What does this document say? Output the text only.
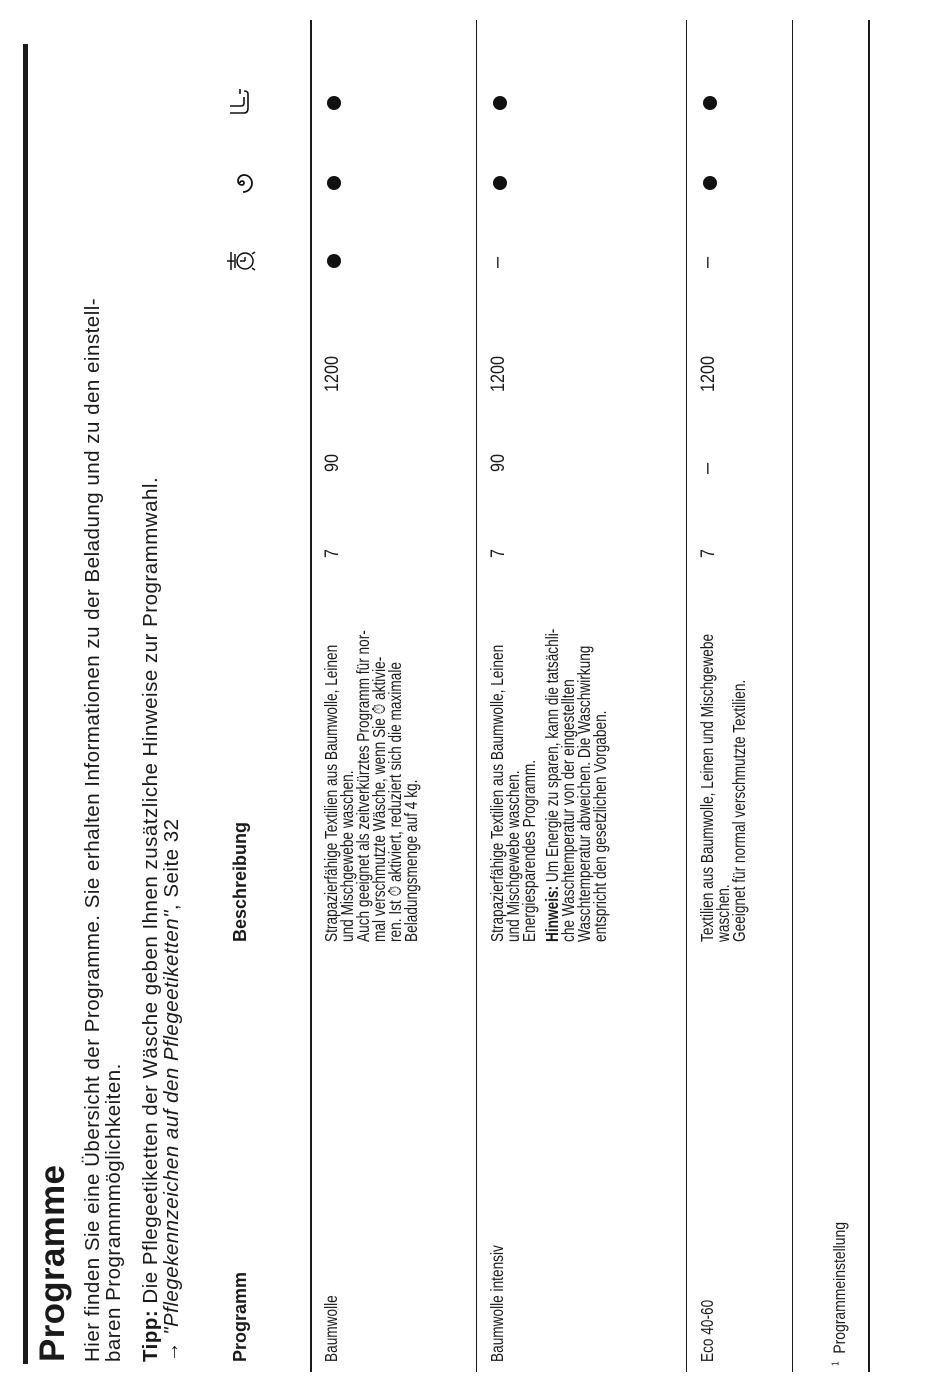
Programme Hier finden Sie eine Übersicht der Programme. Sie erhalten Informationen zu der Beladung und zu den einstell-
baren Programmmöglichkeiten. Tipp: Die Pflegeetiketten der Wäsche geben Ihnen zusätzliche Hinweise zur Programmwahl.
→ "Pflegekennzeichen auf den Pflegeetiketten", Seite 32
Programm
Beschreibung
Baumwolle
Strapazierfähige Textilien aus Baumwolle, Leinen
und Mischgewebe waschen.
Auch geeignet als zeitverkürztes Programm für nor-
mal verschmutzte Wäsche, wenn Sie ⏱ aktivie-
ren. Ist ⏱ aktiviert, reduziert sich die maximale
Beladungsmenge auf 4 kg.
7
90
1200
Baumwolle intensiv
Strapazierfähige Textilien aus Baumwolle, Leinen
und Mischgewebe waschen.
Energiesparendes Programm. Hinweis: Um Energie zu sparen, kann die tatsächli-
che Waschtemperatur von der eingestellten
Waschtemperatur abweichen. Die Waschwirkung
entspricht den gesetzlichen Vorgaben.
7
90
1200
–
Eco 40-60
Textilien aus Baumwolle, Leinen und Mischgewebe
waschen.
Geeignet für normal verschmutzte Textilien.
7
–
1200
–
$^1$  Programmeinstellung
